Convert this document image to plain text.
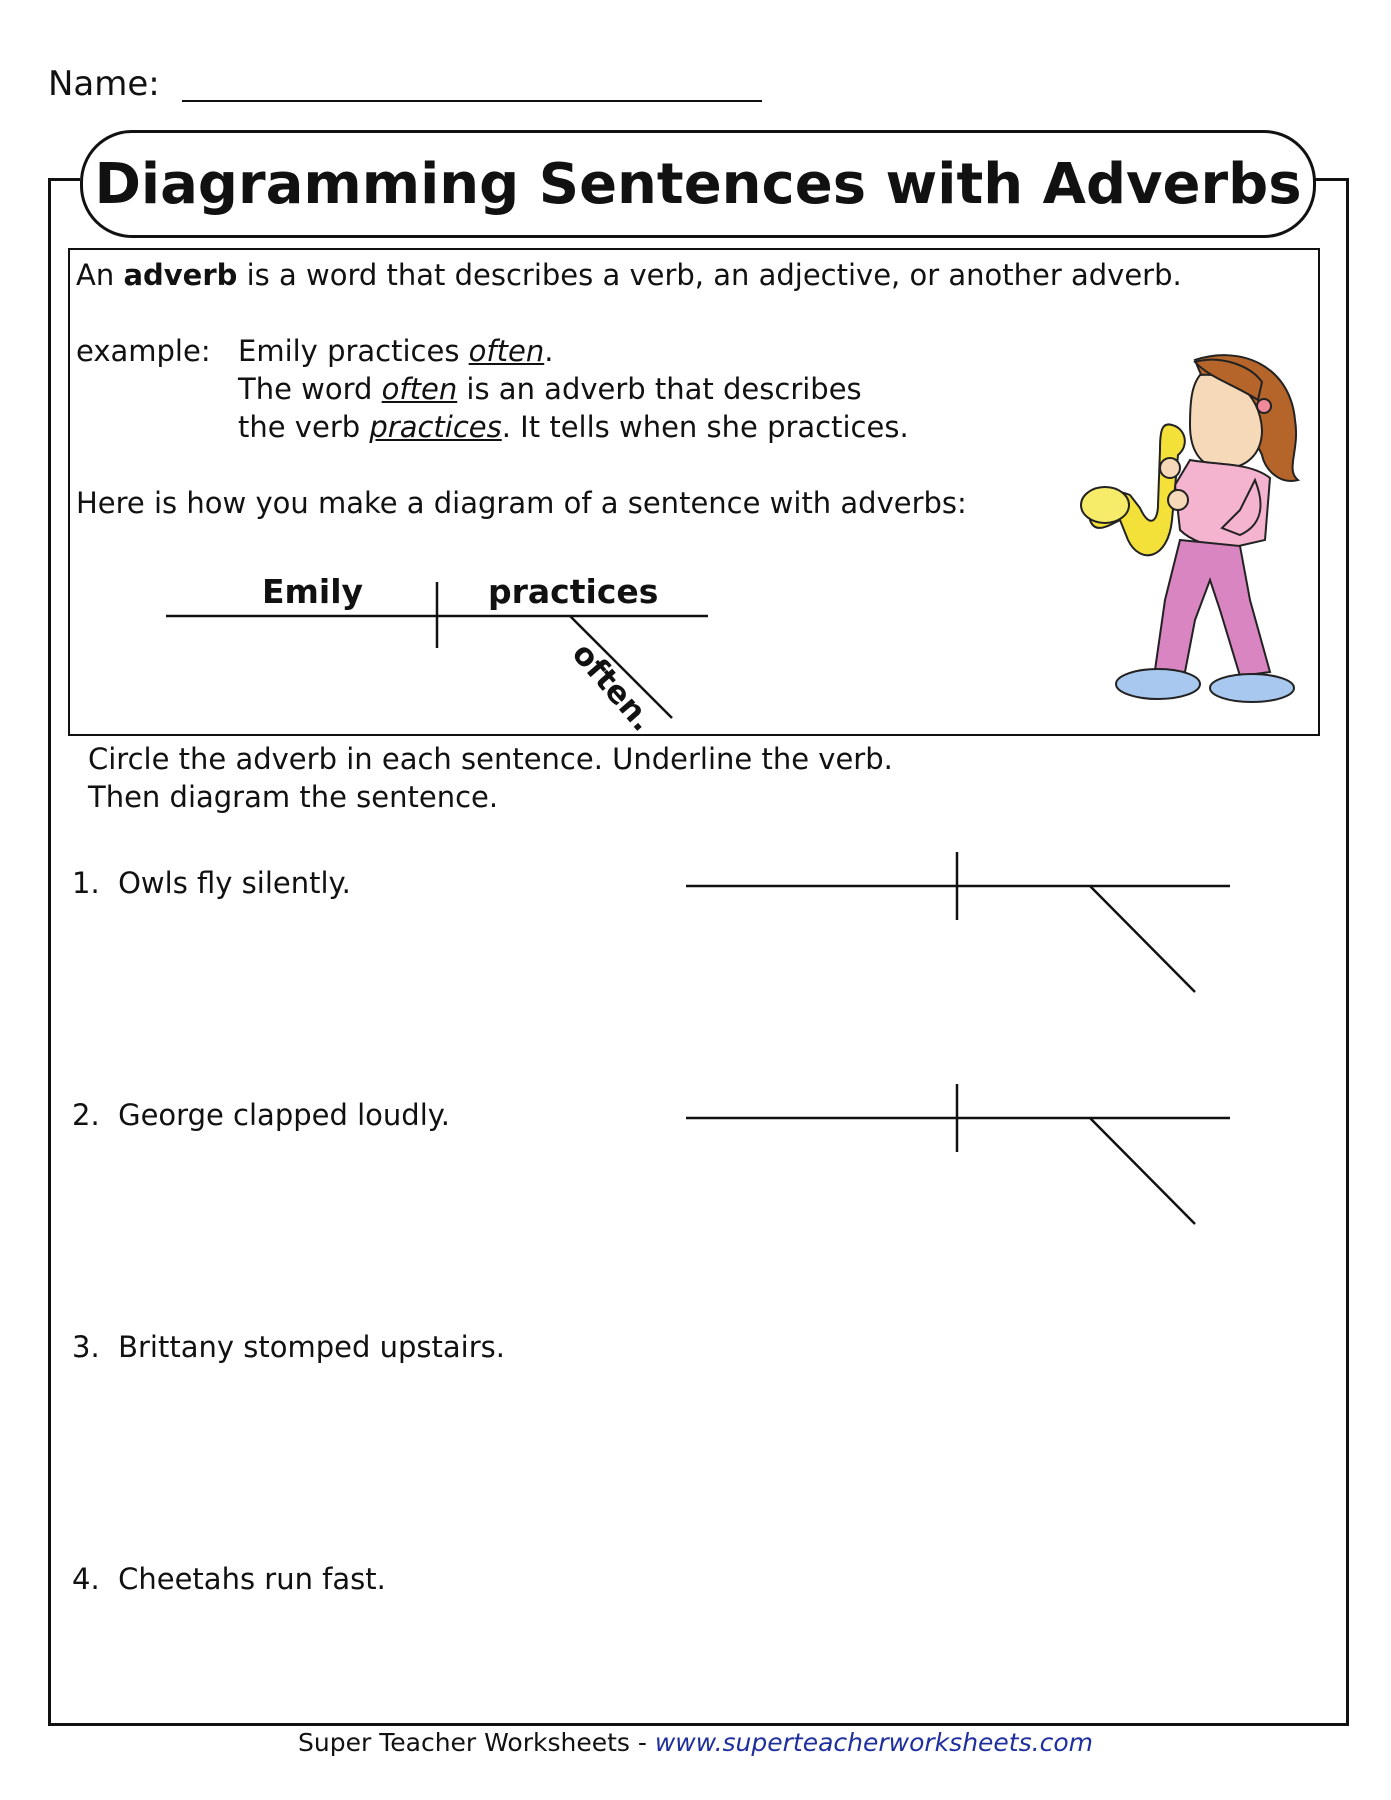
Name:
Diagramming Sentences with Adverbs
An adverb is a word that describes a verb, an adjective, or another adverb.
example: Emily practices often.
The word often is an adverb that describes
the verb practices. It tells when she practices.
Here is how you make a diagram of a sentence with adverbs:
Emily	practices
often.
Circle the adverb in each sentence. Underline the verb.
Then diagram the sentence.
1. Owls fly silently.
2. George clapped loudly.
3. Brittany stomped upstairs.
4. Cheetahs run fast.
Super Teacher Worksheets - www.superteacherworksheets.com
